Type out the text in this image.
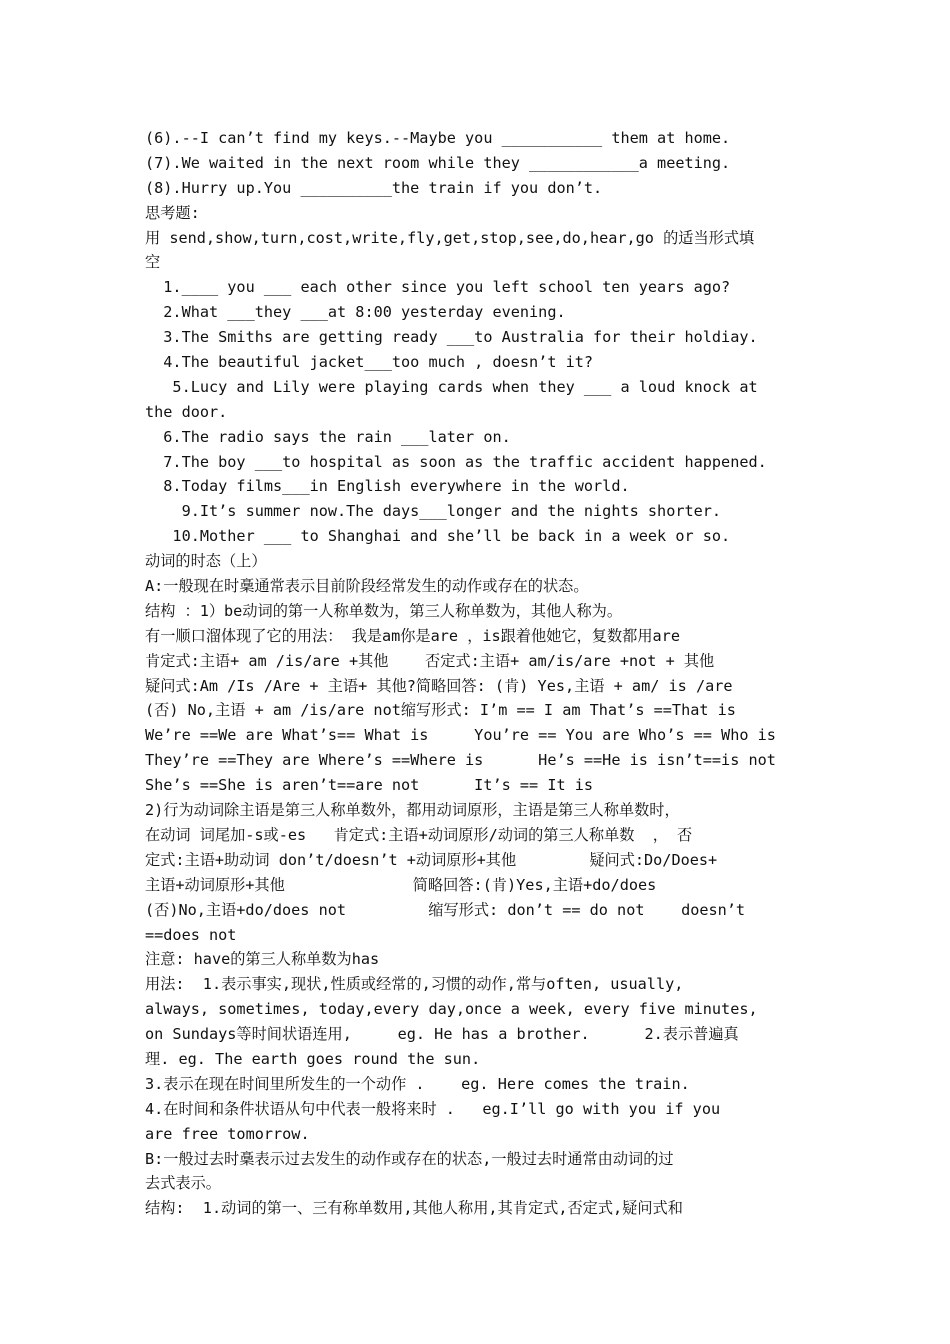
(6).--I can’t find my keys.--Maybe you ___________ them at home.
(7).We waited in the next room while they ____________a meeting.
(8).Hurry up.You __________the train if you don’t.
思考题:
用 send,show,turn,cost,write,fly,get,stop,see,do,hear,go 的适当形式填
空
1.____ you ___ each other since you left school ten years ago?
2.What ___they ___at 8:00 yesterday evening.
3.The Smiths are getting ready ___to Australia for their holdiay.
4.The beautiful jacket___too much , doesn’t it?
5.Lucy and Lily were playing cards when they ___ a loud knock at
the door.
6.The radio says the rain ___later on.
7.The boy ___to hospital as soon as the traffic accident happened.
8.Today films___in English everywhere in the world.
9.It’s summer now.The days___longer and the nights shorter.
10.Mother ___ to Shanghai and she’ll be back in a week or so.
动词的时态（上）
A:一般现在时稾通常表示目前阶段经常发生的动作或存在的状态。
结构 ：1）be动词的第一人称单数为，第三人称单数为，其他人称为。
有一顺口溜体现了它的用法： 我是am你是are ，is跟着他她它，复数都用are
肯定式:主语+ am /is/are +其他    否定式:主语+ am/is/are +not + 其他
疑问式:Am /Is /Are + 主语+ 其他?简略回答: (肯) Yes,主语 + am/ is /are
(否) No,主语 + am /is/are not缩写形式: I’m == I am That’s ==That is
We’re ==We are What’s== What is     You’re == You are Who’s == Who is
They’re ==They are Where’s ==Where is      He’s ==He is isn’t==is not
She’s ==She is aren’t==are not      It’s == It is
2)行为动词除主语是第三人称单数外，都用动词原形，主语是第三人称单数时，
在动词 词尾加-s或-es   肯定式:主语+动词原形/动词的第三人称单数  ， 否
定式:主语+助动词 don’t/doesn’t +动词原形+其他        疑问式:Do/Does+
主语+动词原形+其他              简略回答:(肯)Yes,主语+do/does
(否)No,主语+do/does not         缩写形式: don’t == do not    doesn’t
==does not
注意: have的第三人称单数为has
用法:  1.表示事实,现状,性质或经常的,习惯的动作,常与often, usually,
always, sometimes, today,every day,once a week, every five minutes,
on Sundays等时间状语连用,     eg. He has a brother.      2.表示普遍真
理. eg. The earth goes round the sun.
3.表示在现在时间里所发生的一个动作 .    eg. Here comes the train.
4.在时间和条件状语从句中代表一般将来时 .   eg.I’ll go with you if you
are free tomorrow.
B:一般过去时稾表示过去发生的动作或存在的状态,一般过去时通常由动词的过
去式表示。
结构:  1.动词的第一、三有称单数用,其他人称用,其肯定式,否定式,疑问式和
